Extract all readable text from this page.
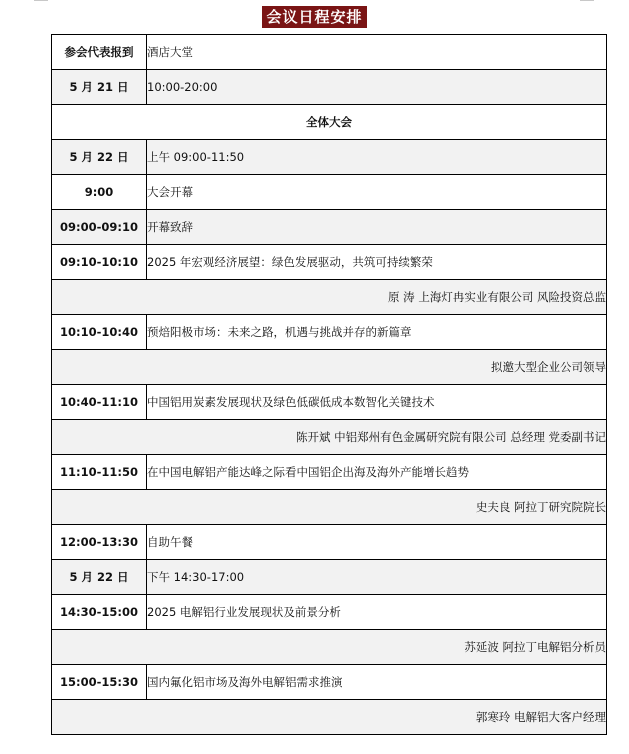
会议日程安排
参会代表报到	酒店大堂
5 月 21 日	10:00-20:00
全体大会	
5 月 22 日	上午 09:00-11:50
9:00	大会开幕
09:00-09:10	开幕致辞
09:10-10:10	2025 年宏观经济展望：绿色发展驱动，共筑可持续繁荣
原 涛 上海灯冉实业有限公司 风险投资总监	
10:10-10:40	预焙阳极市场：未来之路，机遇与挑战并存的新篇章
拟邀大型企业公司领导	
10:40-11:10	中国铝用炭素发展现状及绿色低碳低成本数智化关键技术
陈开斌 中铝郑州有色金属研究院有限公司 总经理 党委副书记	
11:10-11:50	在中国电解铝产能达峰之际看中国铝企出海及海外产能增长趋势
史夫良 阿拉丁研究院院长	
12:00-13:30	自助午餐
5 月 22 日	下午 14:30-17:00
14:30-15:00	2025 电解铝行业发展现状及前景分析
苏延波 阿拉丁电解铝分析员	
15:00-15:30	国内氟化铝市场及海外电解铝需求推演
郭寒玲 电解铝大客户经理	
